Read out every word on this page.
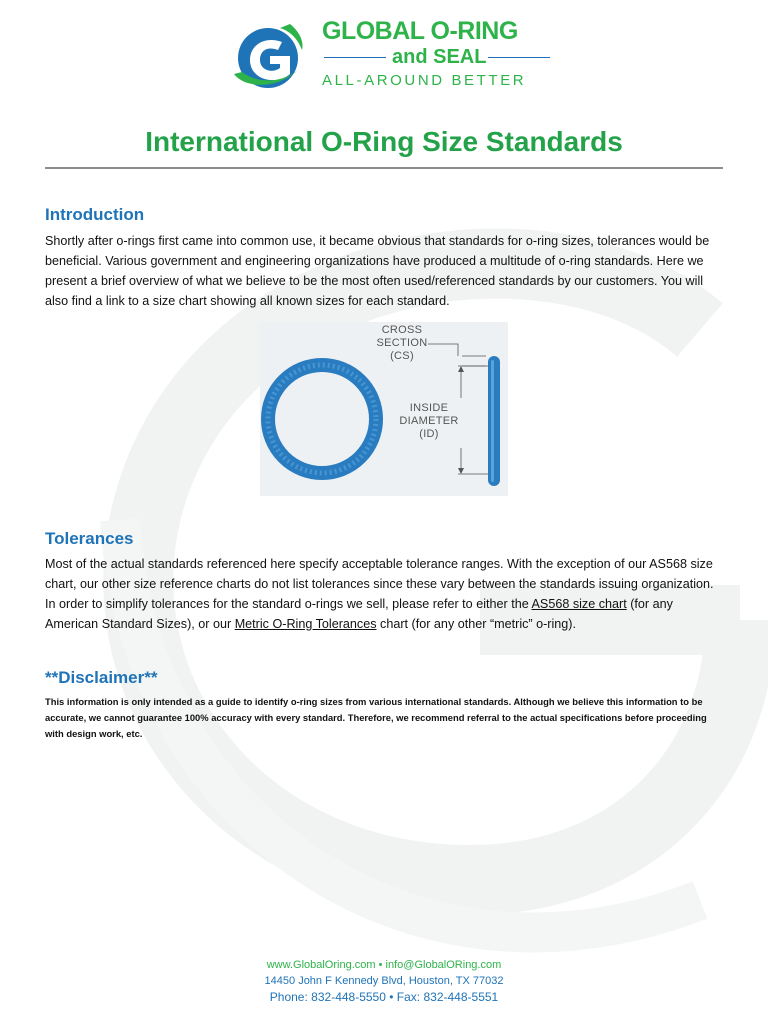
GLOBAL O-RING
and SEAL
ALL-AROUND BETTER
International O-Ring Size Standards
Introduction
Shortly after o-rings first came into common use, it became obvious that standards for o-ring sizes, tolerances would be beneficial. Various government and engineering organizations have produced a multitude of o-ring standards. Here we present a brief overview of what we believe to be the most often used/referenced standards by our customers. You will also find a link to a size chart showing all known sizes for each standard.
CROSS
SECTION
(CS)
INSIDE
DIAMETER
(ID)
Tolerances
Most of the actual standards referenced here specify acceptable tolerance ranges. With the exception of our AS568 size chart, our other size reference charts do not list tolerances since these vary between the standards issuing organization. In order to simplify tolerances for the standard o-rings we sell, please refer to either the AS568 size chart (for any American Standard Sizes), or our Metric O-Ring Tolerances chart (for any other “metric” o-ring).
**Disclaimer**
This information is only intended as a guide to identify o-ring sizes from various international standards. Although we believe this information to be accurate, we cannot guarantee 100% accuracy with every standard. Therefore, we recommend referral to the actual specifications before proceeding with design work, etc.
www.GlobalOring.com • info@GlobalORing.com
14450 John F Kennedy Blvd, Houston, TX 77032
Phone: 832-448-5550 • Fax: 832-448-5551
